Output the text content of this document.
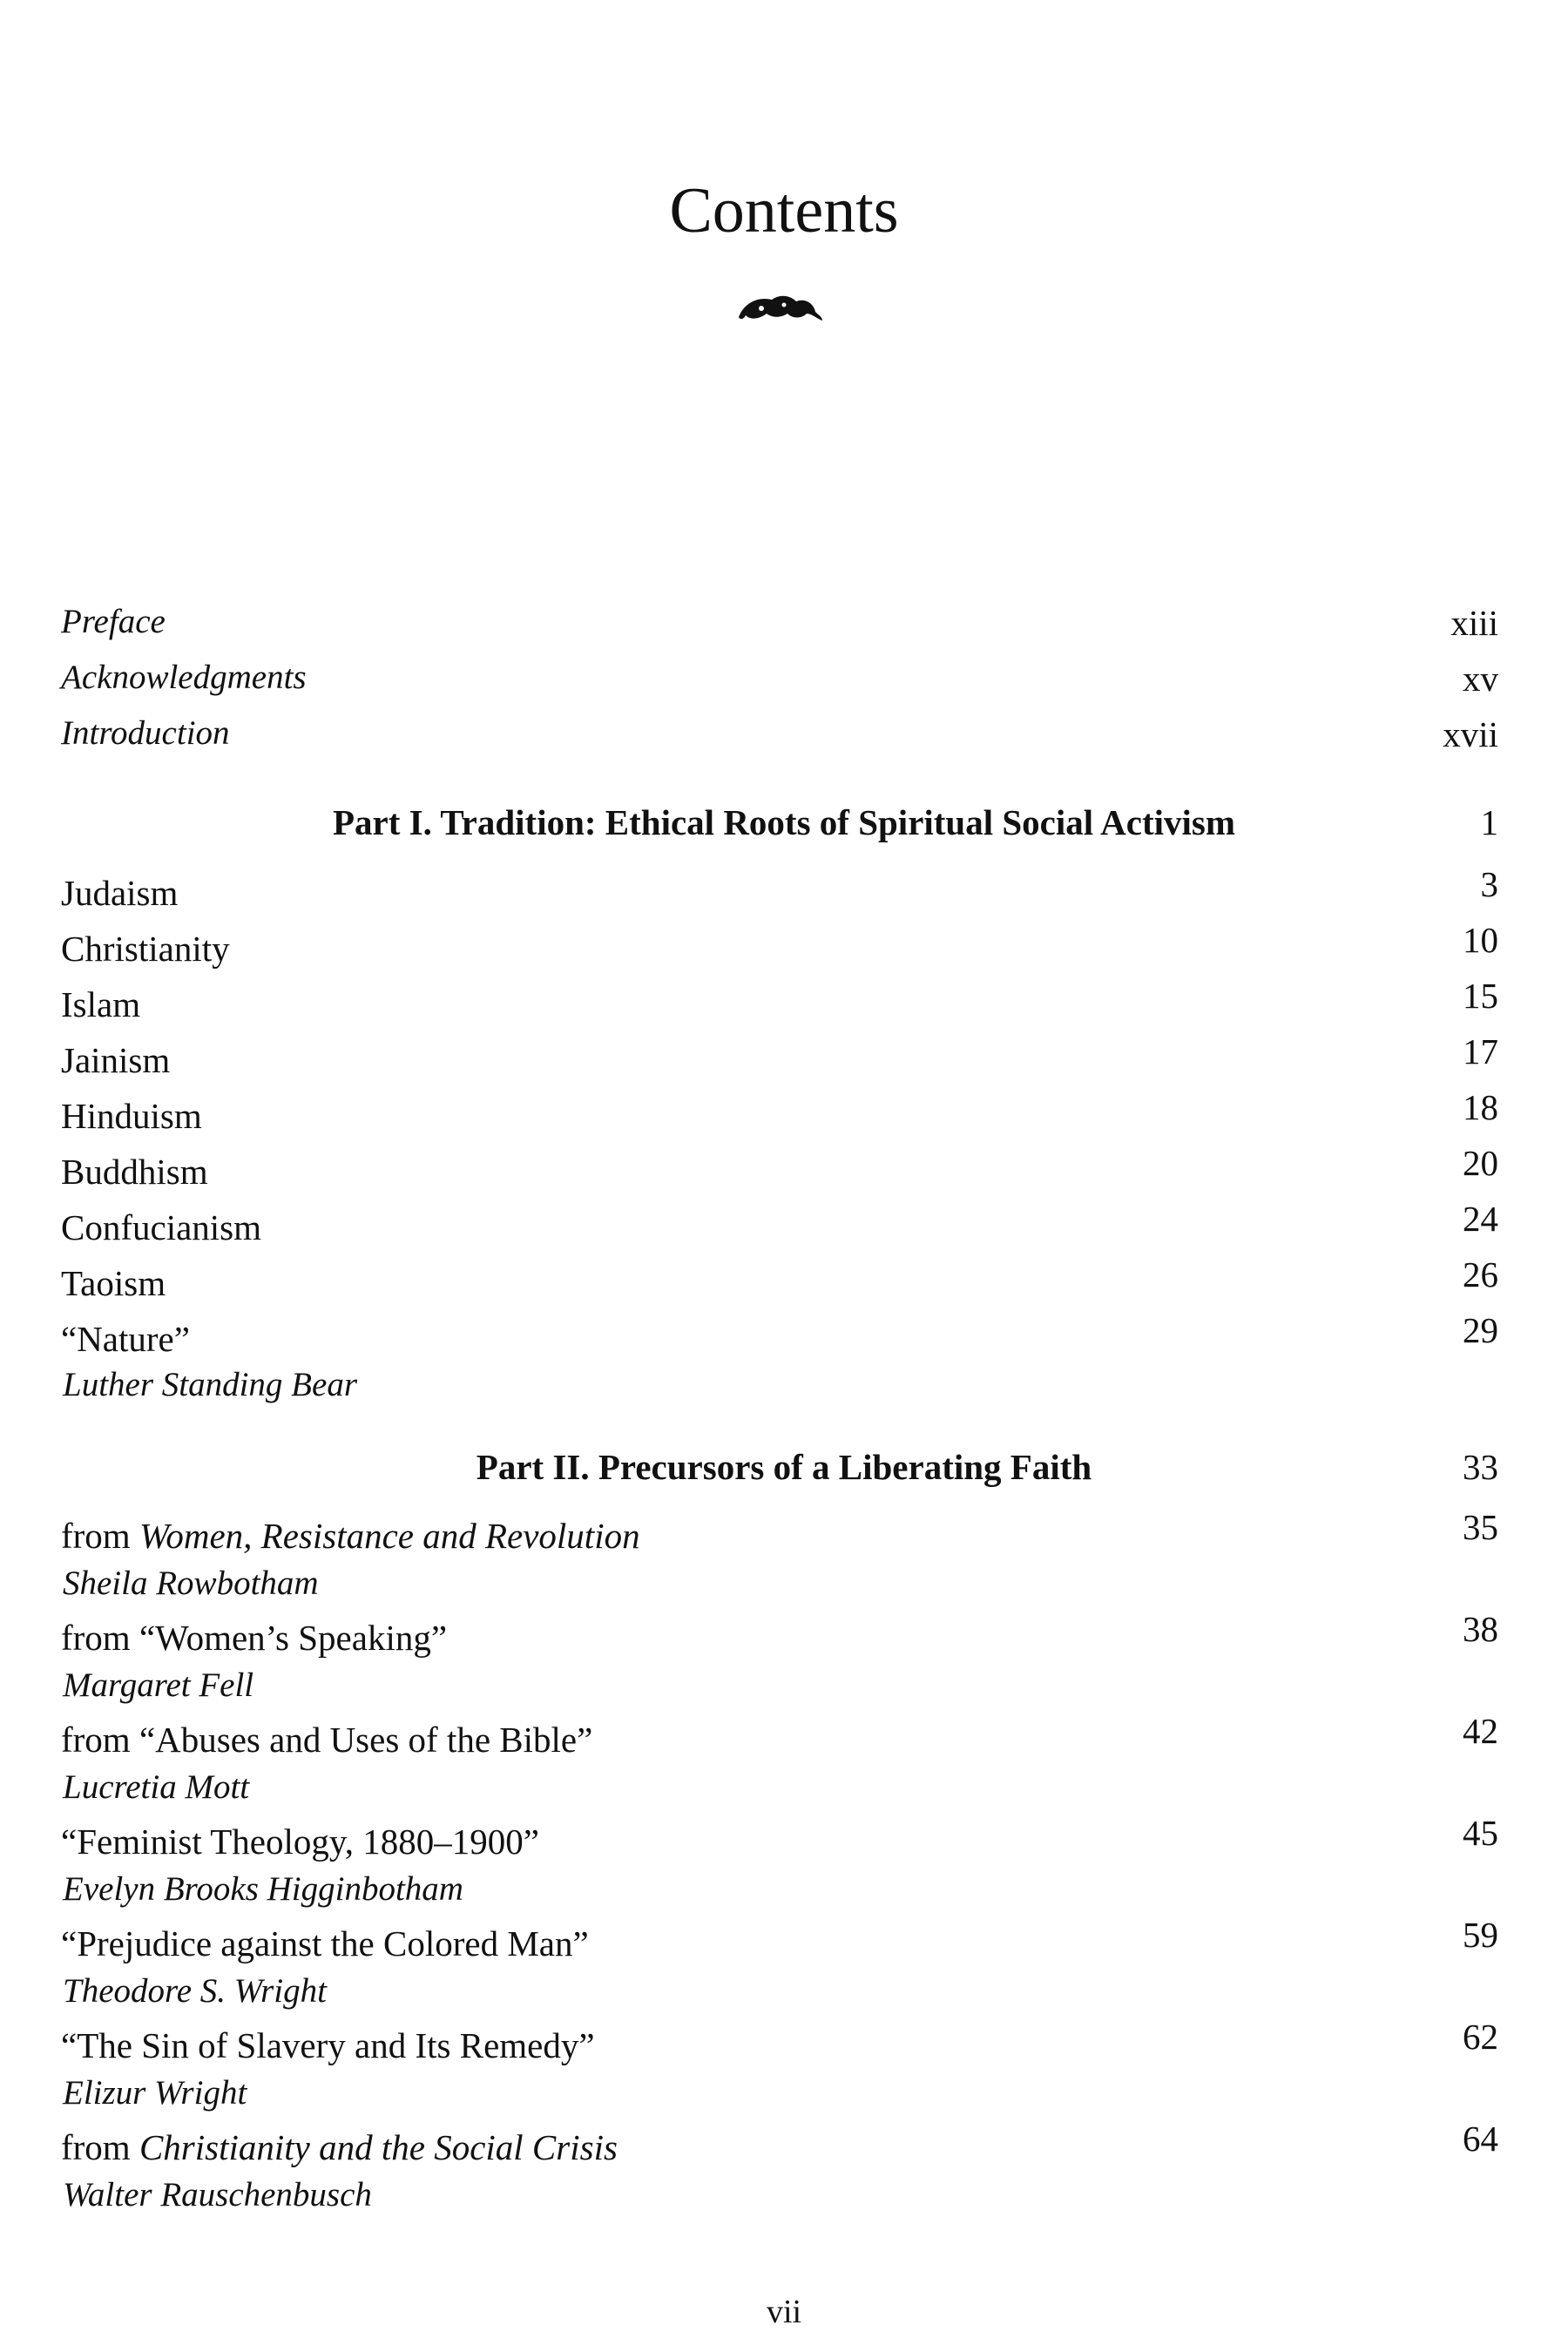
Contents
Preface	xiii
Acknowledgments	xv
Introduction	xvii
Part I. Tradition: Ethical Roots of Spiritual Social Activism	1
Judaism	3
Christianity	10
Islam	15
Jainism	17
Hinduism	18
Buddhism	20
Confucianism	24
Taoism	26
“Nature”	29
Luther Standing Bear
Part II. Precursors of a Liberating Faith	33
from Women, Resistance and Revolution	35
Sheila Rowbotham
from “Women’s Speaking”	38
Margaret Fell
from “Abuses and Uses of the Bible”	42
Lucretia Mott
“Feminist Theology, 1880–1900”	45
Evelyn Brooks Higginbotham
“Prejudice against the Colored Man”	59
Theodore S. Wright
“The Sin of Slavery and Its Remedy”	62
Elizur Wright
from Christianity and the Social Crisis	64
Walter Rauschenbusch
vii
